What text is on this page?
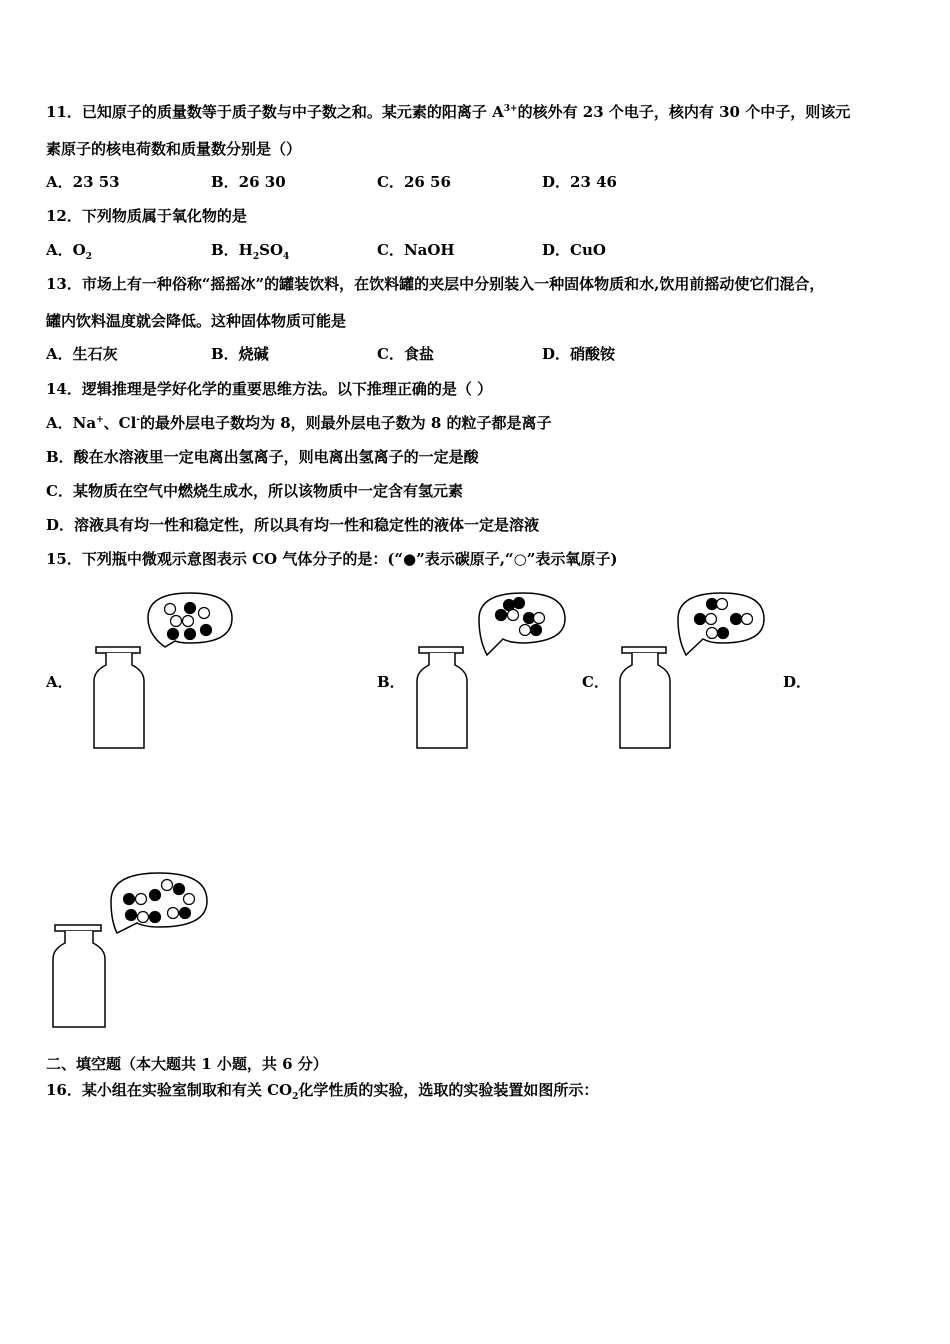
11．已知原子的质量数等于质子数与中子数之和。某元素的阳离子 $A^{3+}$的核外有 23 个电子，核内有 30 个中子，则该元
素原子的核电荷数和质量数分别是（）
A．23 53	B．26 30	C．26 56	D．23 46
12．下列物质属于氧化物的是
A．$O_2$	B．$H_2SO_4$	C．NaOH	D．CuO
13．市场上有一种俗称“摇摇冰”的罐装饮料，在饮料罐的夹层中分别装入一种固体物质和水,饮用前摇动使它们混合，
罐内饮料温度就会降低。这种固体物质可能是
A．生石灰	B．烧碱	C．食盐	D．硝酸铵
14．逻辑推理是学好化学的重要思维方法。以下推理正确的是（ ）
A．Na+、Cl-的最外层电子数均为 8，则最外层电子数为 8 的粒子都是离子
B．酸在水溶液里一定电离出氢离子，则电离出氢离子的一定是酸
C．某物质在空气中燃烧生成水，所以该物质中一定含有氢元素
D．溶液具有均一性和稳定性，所以具有均一性和稳定性的液体一定是溶液
15．下列瓶中微观示意图表示 CO 气体分子的是：(“●”表示碳原子,“○”表示氧原子)
A．	B．	C．	D．
二、填空题（本大题共 1 小题，共 6 分）
16．某小组在实验室制取和有关 $CO_2$化学性质的实验，选取的实验装置如图所示：
